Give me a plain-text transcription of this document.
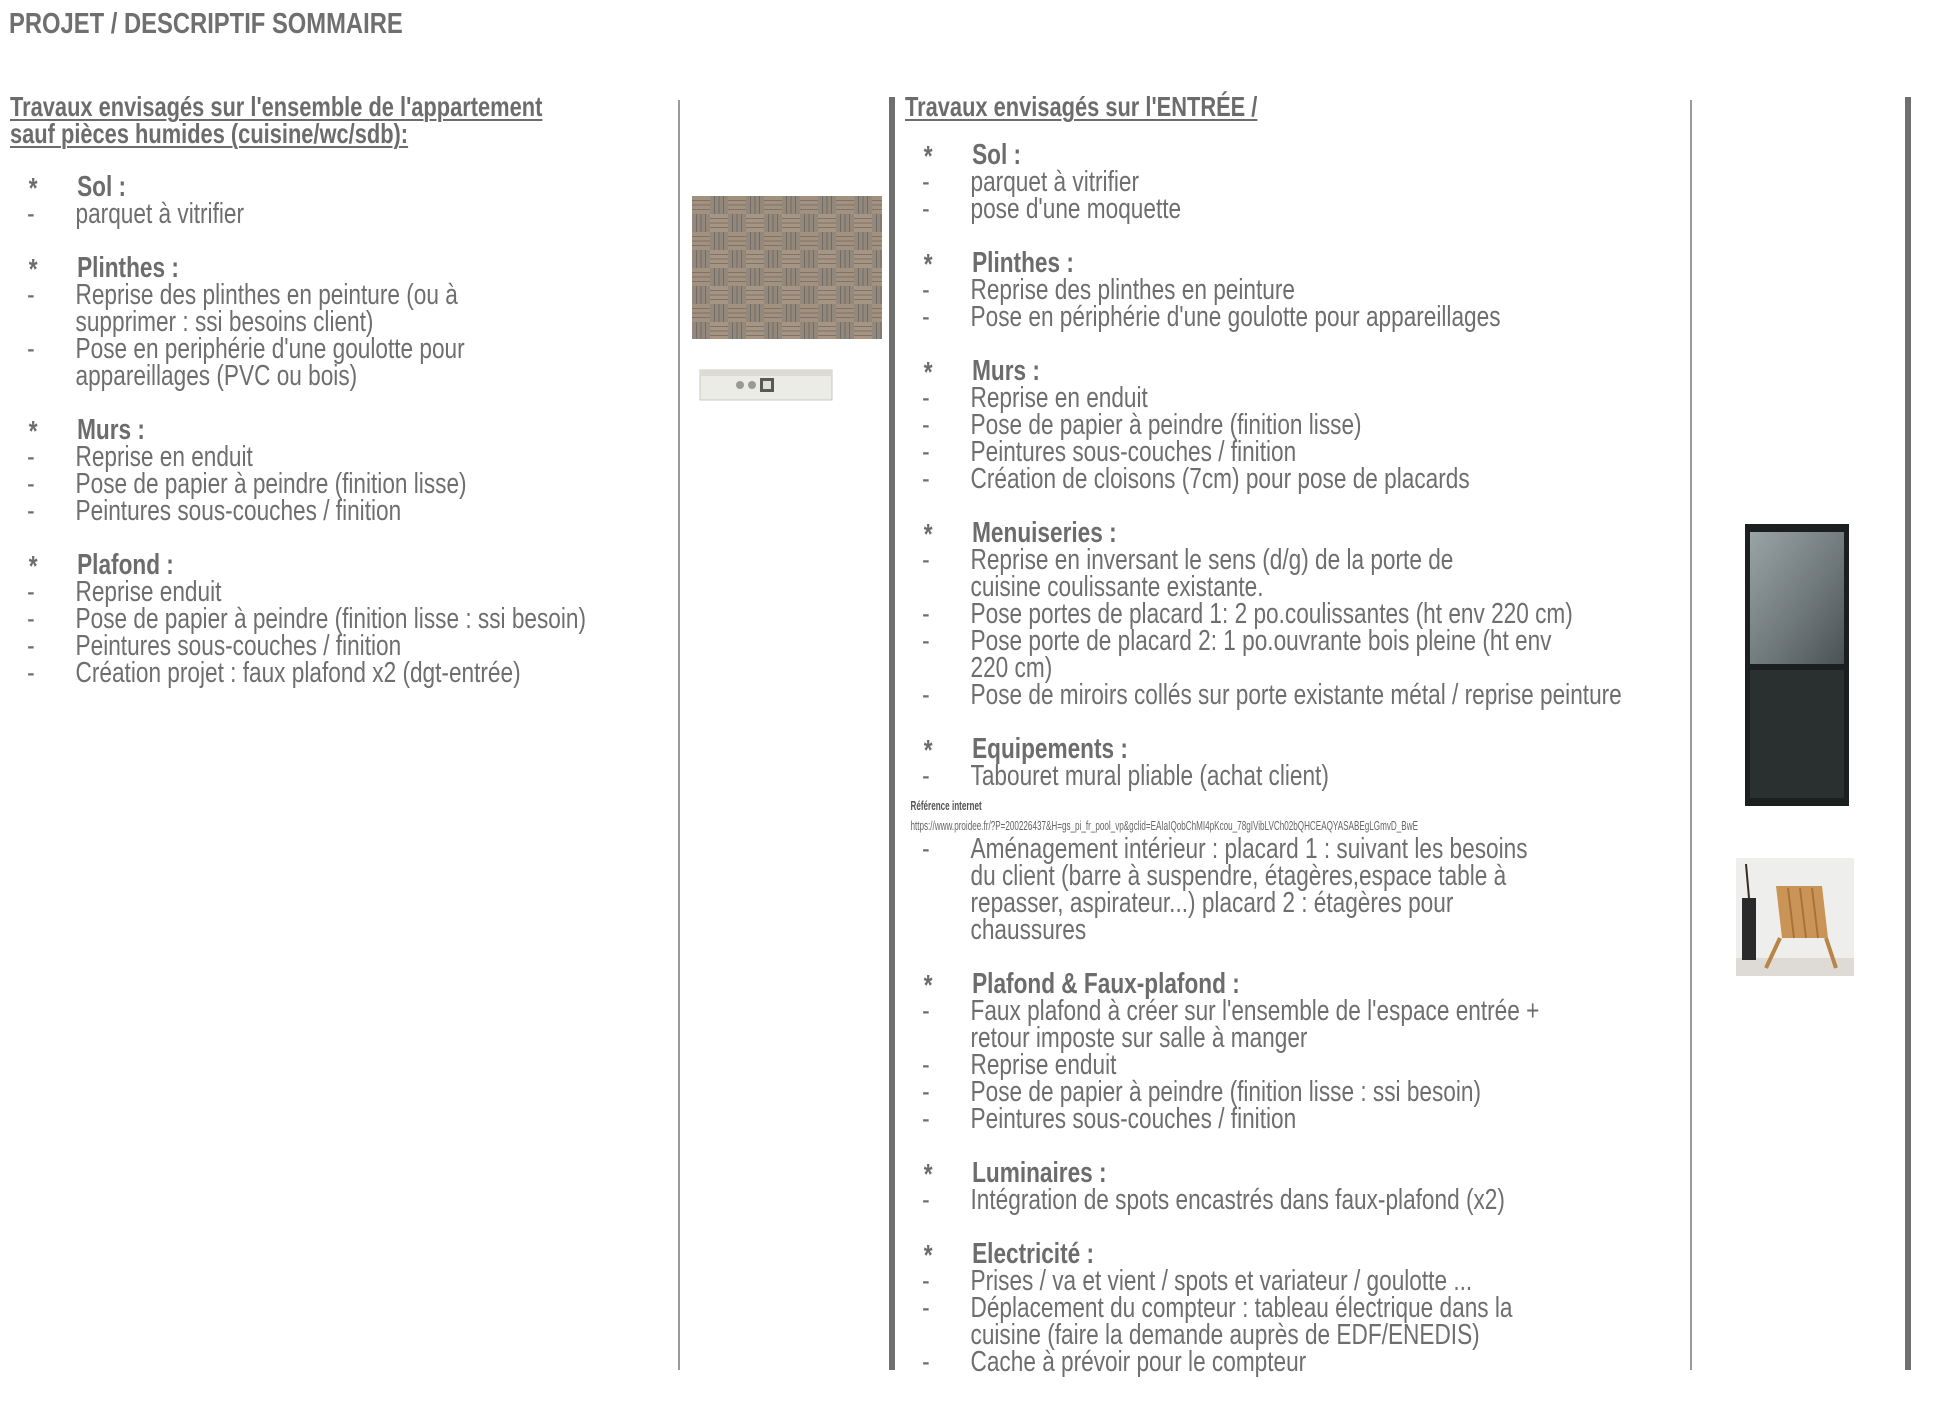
PROJET / DESCRIPTIF SOMMAIRE

Travaux envisagés sur l'ensemble de l'appartement
sauf pièces humides (cuisine/wc/sdb):

* Sol :
-	parquet à vitrifier
* Plinthes :
-	Reprise des plinthes en peinture (ou à supprimer : ssi besoins client)
-	Pose en periphérie d'une goulotte pour appareillages (PVC ou bois)
* Murs :
-	Reprise en enduit
-	Pose de papier à peindre (finition lisse)
-	Peintures sous-couches / finition
* Plafond :
-	Reprise enduit
-	Pose de papier à peindre (finition lisse : ssi besoin)
-	Peintures sous-couches / finition
-	Création projet : faux plafond x2 (dgt-entrée)

Travaux envisagés sur l'ENTRÉE /

* Sol :
-	parquet à vitrifier
-	pose d'une moquette
* Plinthes :
-	Reprise des plinthes en peinture
-	Pose en périphérie d'une goulotte pour appareillages
* Murs :
-	Reprise en enduit
-	Pose de papier à peindre (finition lisse)
-	Peintures sous-couches / finition
-	Création de cloisons (7cm) pour pose de placards
* Menuiseries :
-	Reprise en inversant le sens (d/g) de la porte de cuisine coulissante existante.
-	Pose portes de placard 1: 2 po.coulissantes (ht env 220 cm)
-	Pose porte de placard 2: 1 po.ouvrante bois pleine (ht env 220 cm)
-	Pose de miroirs collés sur porte existante métal / reprise peinture
* Equipements :
-	Tabouret mural pliable (achat client)
Référence internet
https://www.proidee.fr/?P=200226437&H=gs_pi_fr_pool_vp&gclid=EAIaIQobChMI4pKcou_78gIVibLVCh02bQHCEAQYASABEgLGmvD_BwE
-	Aménagement intérieur : placard 1 : suivant les besoins du client (barre à suspendre, étagères,espace table à repasser, aspirateur...) placard 2 : étagères pour chaussures
* Plafond & Faux-plafond :
-	Faux plafond à créer sur l'ensemble de l'espace entrée + retour imposte sur salle à manger
-	Reprise enduit
-	Pose de papier à peindre (finition lisse : ssi besoin)
-	Peintures sous-couches / finition
* Luminaires :
-	Intégration de spots encastrés dans faux-plafond (x2)
* Electricité :
-	Prises / va et vient / spots et variateur / goulotte ...
-	Déplacement du compteur : tableau électrique dans la cuisine (faire la demande auprès de EDF/ENEDIS)
-	Cache à prévoir pour le compteur
